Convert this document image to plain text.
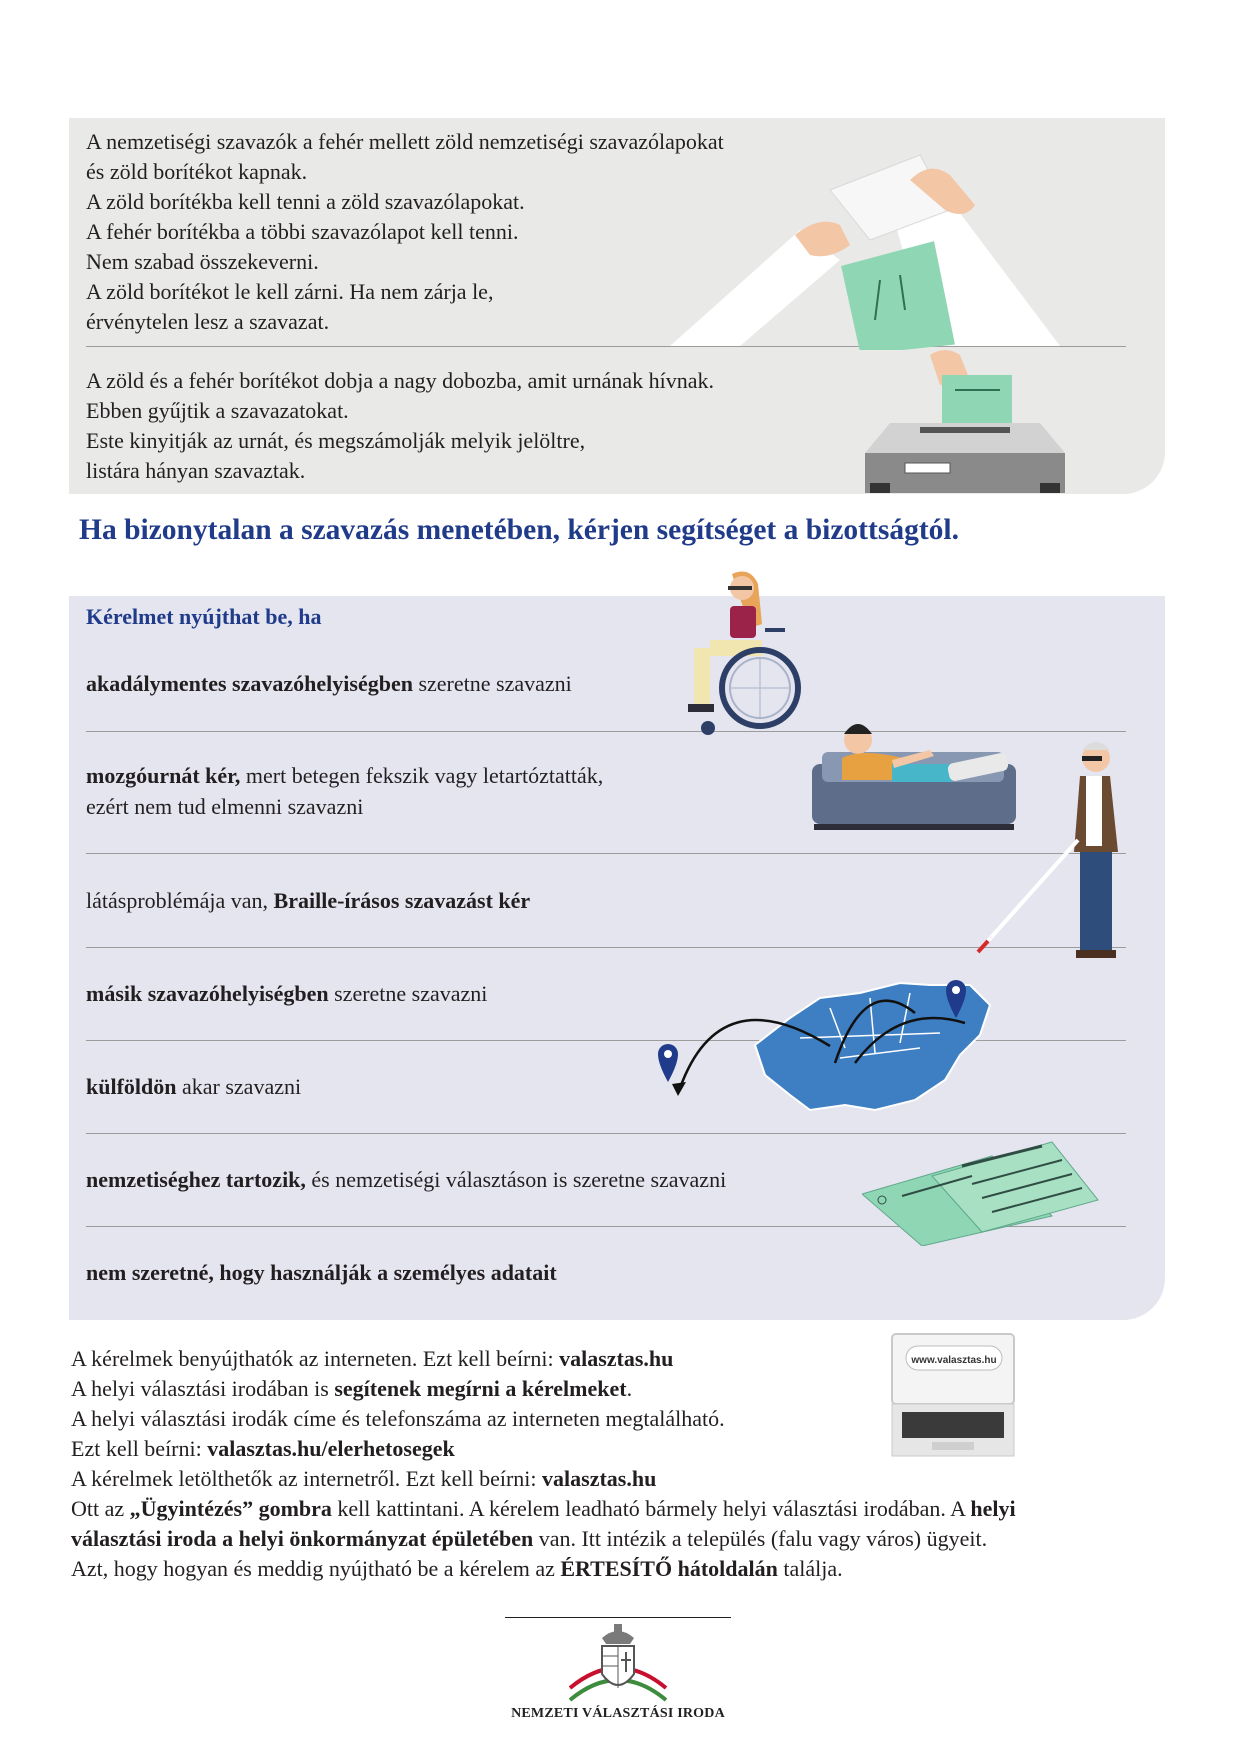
A nemzetiségi szavazók a fehér mellett zöld nemzetiségi szavazólapokat
és zöld borítékot kapnak.
A zöld borítékba kell tenni a zöld szavazólapokat.
A fehér borítékba a többi szavazólapot kell tenni.
Nem szabad összekeverni.
A zöld borítékot le kell zárni. Ha nem zárja le,
érvénytelen lesz a szavazat.
A zöld és a fehér borítékot dobja a nagy dobozba, amit urnának hívnak.
Ebben gyűjtik a szavazatokat.
Este kinyitják az urnát, és megszámolják melyik jelöltre,
listára hányan szavaztak.
Ha bizonytalan a szavazás menetében, kérjen segítséget a bizottságtól.
Kérelmet nyújthat be, ha
akadálymentes szavazóhelyiségben szeretne szavazni
mozgóurnát kér, mert betegen fekszik vagy letartóztatták,
ezért nem tud elmenni szavazni
látásproblémája van, Braille-írásos szavazást kér
másik szavazóhelyiségben szeretne szavazni
külföldön akar szavazni
nemzetiséghez tartozik, és nemzetiségi választáson is szeretne szavazni
nem szeretné, hogy használják a személyes adatait
A kérelmek benyújthatók az interneten. Ezt kell beírni: valasztas.hu
A helyi választási irodában is segítenek megírni a kérelmeket.
A helyi választási irodák címe és telefonszáma az interneten megtalálható.
Ezt kell beírni: valasztas.hu/elerhetosegek
A kérelmek letölthetők az internetről. Ezt kell beírni: valasztas.hu
Ott az „Ügyintézés” gombra kell kattintani. A kérelem leadható bármely helyi választási irodában. A helyi
választási iroda a helyi önkormányzat épületében van. Itt intézik a település (falu vagy város) ügyeit.
Azt, hogy hogyan és meddig nyújtható be a kérelem az ÉRTESÍTŐ hátoldalán találja.
www.valasztas.hu
NEMZETI VÁLASZTÁSI IRODA
